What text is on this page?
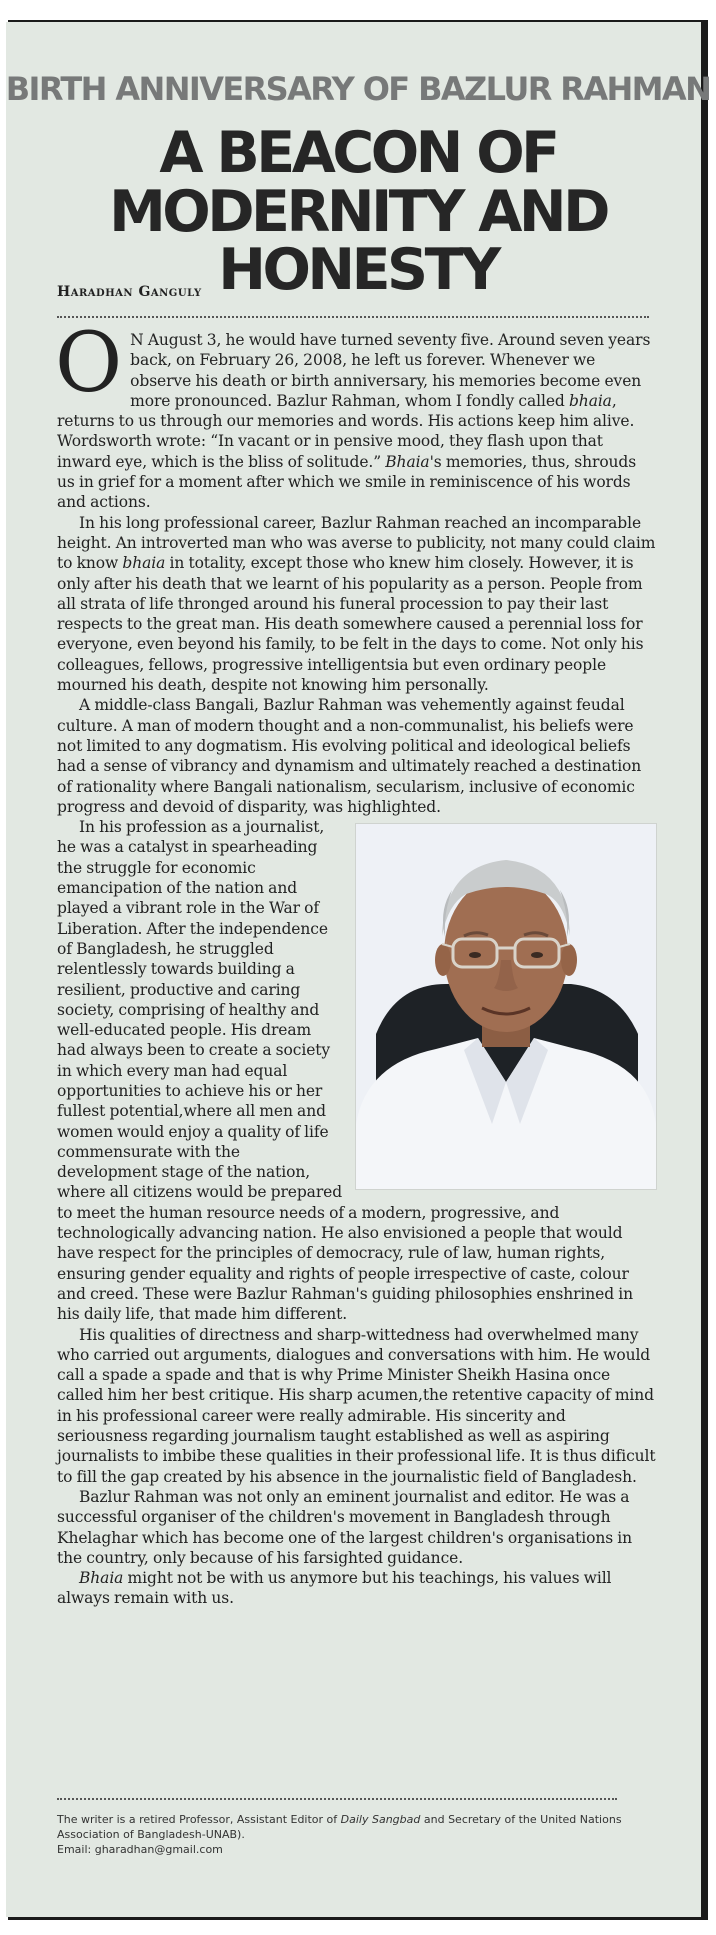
BIRTH ANNIVERSARY OF BAZLUR RAHMAN
A BEACON OF MODERNITY AND HONESTY
Haradhan Ganguly

O N August 3, he would have turned seventy five. Around seven years back, on February 26, 2008, he left us forever. Whenever we observe his death or birth anniversary, his memories become even more pronounced. Bazlur Rahman, whom I fondly called bhaia, returns to us through our memories and words. His actions keep him alive. Wordsworth wrote: “In vacant or in pensive mood, they flash upon that inward eye, which is the bliss of solitude.” Bhaia's memories, thus, shrouds us in grief for a moment after which we smile in reminiscence of his words and actions.

In his long professional career, Bazlur Rahman reached an incomparable height. An introverted man who was averse to publicity, not many could claim to know bhaia in totality, except those who knew him closely. However, it is only after his death that we learnt of his popularity as a person. People from all strata of life thronged around his funeral procession to pay their last respects to the great man. His death somewhere caused a perennial loss for everyone, even beyond his family, to be felt in the days to come. Not only his colleagues, fellows, progressive intelligentsia but even ordinary people mourned his death, despite not knowing him personally.

A middle-class Bangali, Bazlur Rahman was vehemently against feudal culture. A man of modern thought and a non-communalist, his beliefs were not limited to any dogmatism. His evolving political and ideological beliefs had a sense of vibrancy and dynamism and ultimately reached a destination of rationality where Bangali nationalism, secularism, inclusive of economic progress and devoid of disparity, was highlighted.

In his profession as a journalist, he was a catalyst in spearheading the struggle for economic emancipation of the nation and played a vibrant role in the War of Liberation. After the independence of Bangladesh, he struggled relentlessly towards building a resilient, productive and caring society, comprising of healthy and well-educated people. His dream had always been to create a society in which every man had equal opportunities to achieve his or her fullest potential,where all men and women would enjoy a quality of life commensurate with the development stage of the nation, where all citizens would be prepared to meet the human resource needs of a modern, progressive, and technologically advancing nation. He also envisioned a people that would have respect for the principles of democracy, rule of law, human rights, ensuring gender equality and rights of people irrespective of caste, colour and creed. These were Bazlur Rahman's guiding philosophies enshrined in his daily life, that made him different.

His qualities of directness and sharp-wittedness had overwhelmed many who carried out arguments, dialogues and conversations with him. He would call a spade a spade and that is why Prime Minister Sheikh Hasina once called him her best critique. His sharp acumen,the retentive capacity of mind in his professional career were really admirable. His sincerity and seriousness regarding journalism taught established as well as aspiring journalists to imbibe these qualities in their professional life. It is thus dificult to fill the gap created by his absence in the journalistic field of Bangladesh.

Bazlur Rahman was not only an eminent journalist and editor. He was a successful organiser of the children's movement in Bangladesh through Khelaghar which has become one of the largest children's organisations in the country, only because of his farsighted guidance.

Bhaia might not be with us anymore but his teachings, his values will always remain with us.

The writer is a retired Professor, Assistant Editor of Daily Sangbad and Secretary of the United Nations Association of Bangladesh-UNAB).

Email: gharadhan@gmail.com
